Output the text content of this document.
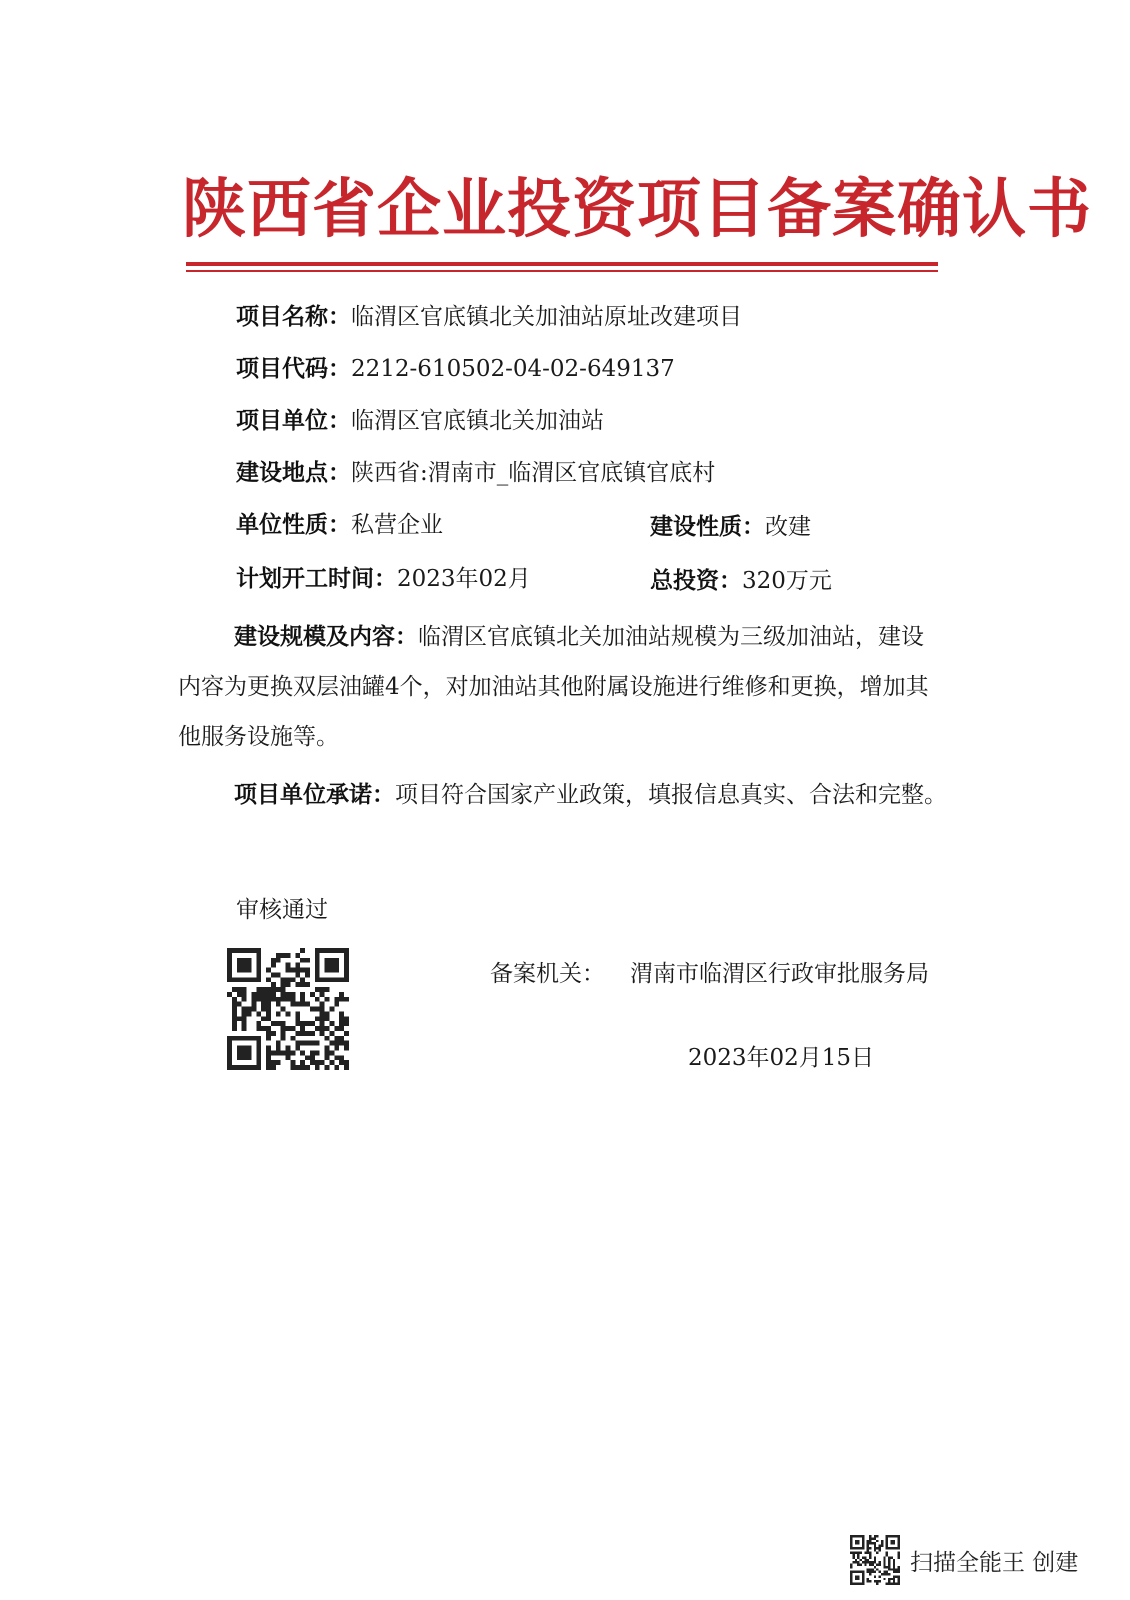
陕西省企业投资项目备案确认书
项目名称：临渭区官底镇北关加油站原址改建项目
项目代码：2212-610502-04-02-649137
项目单位：临渭区官底镇北关加油站
建设地点：陕西省:渭南市_临渭区官底镇官底村
单位性质：私营企业	建设性质：改建
计划开工时间：2023年02月	总投资：320万元
建设规模及内容：临渭区官底镇北关加油站规模为三级加油站，建设内容为更换双层油罐4个，对加油站其他附属设施进行维修和更换，增加其他服务设施等。
项目单位承诺：项目符合国家产业政策，填报信息真实、合法和完整。
审核通过
备案机关： 渭南市临渭区行政审批服务局
2023年02月15日
扫描全能王 创建
